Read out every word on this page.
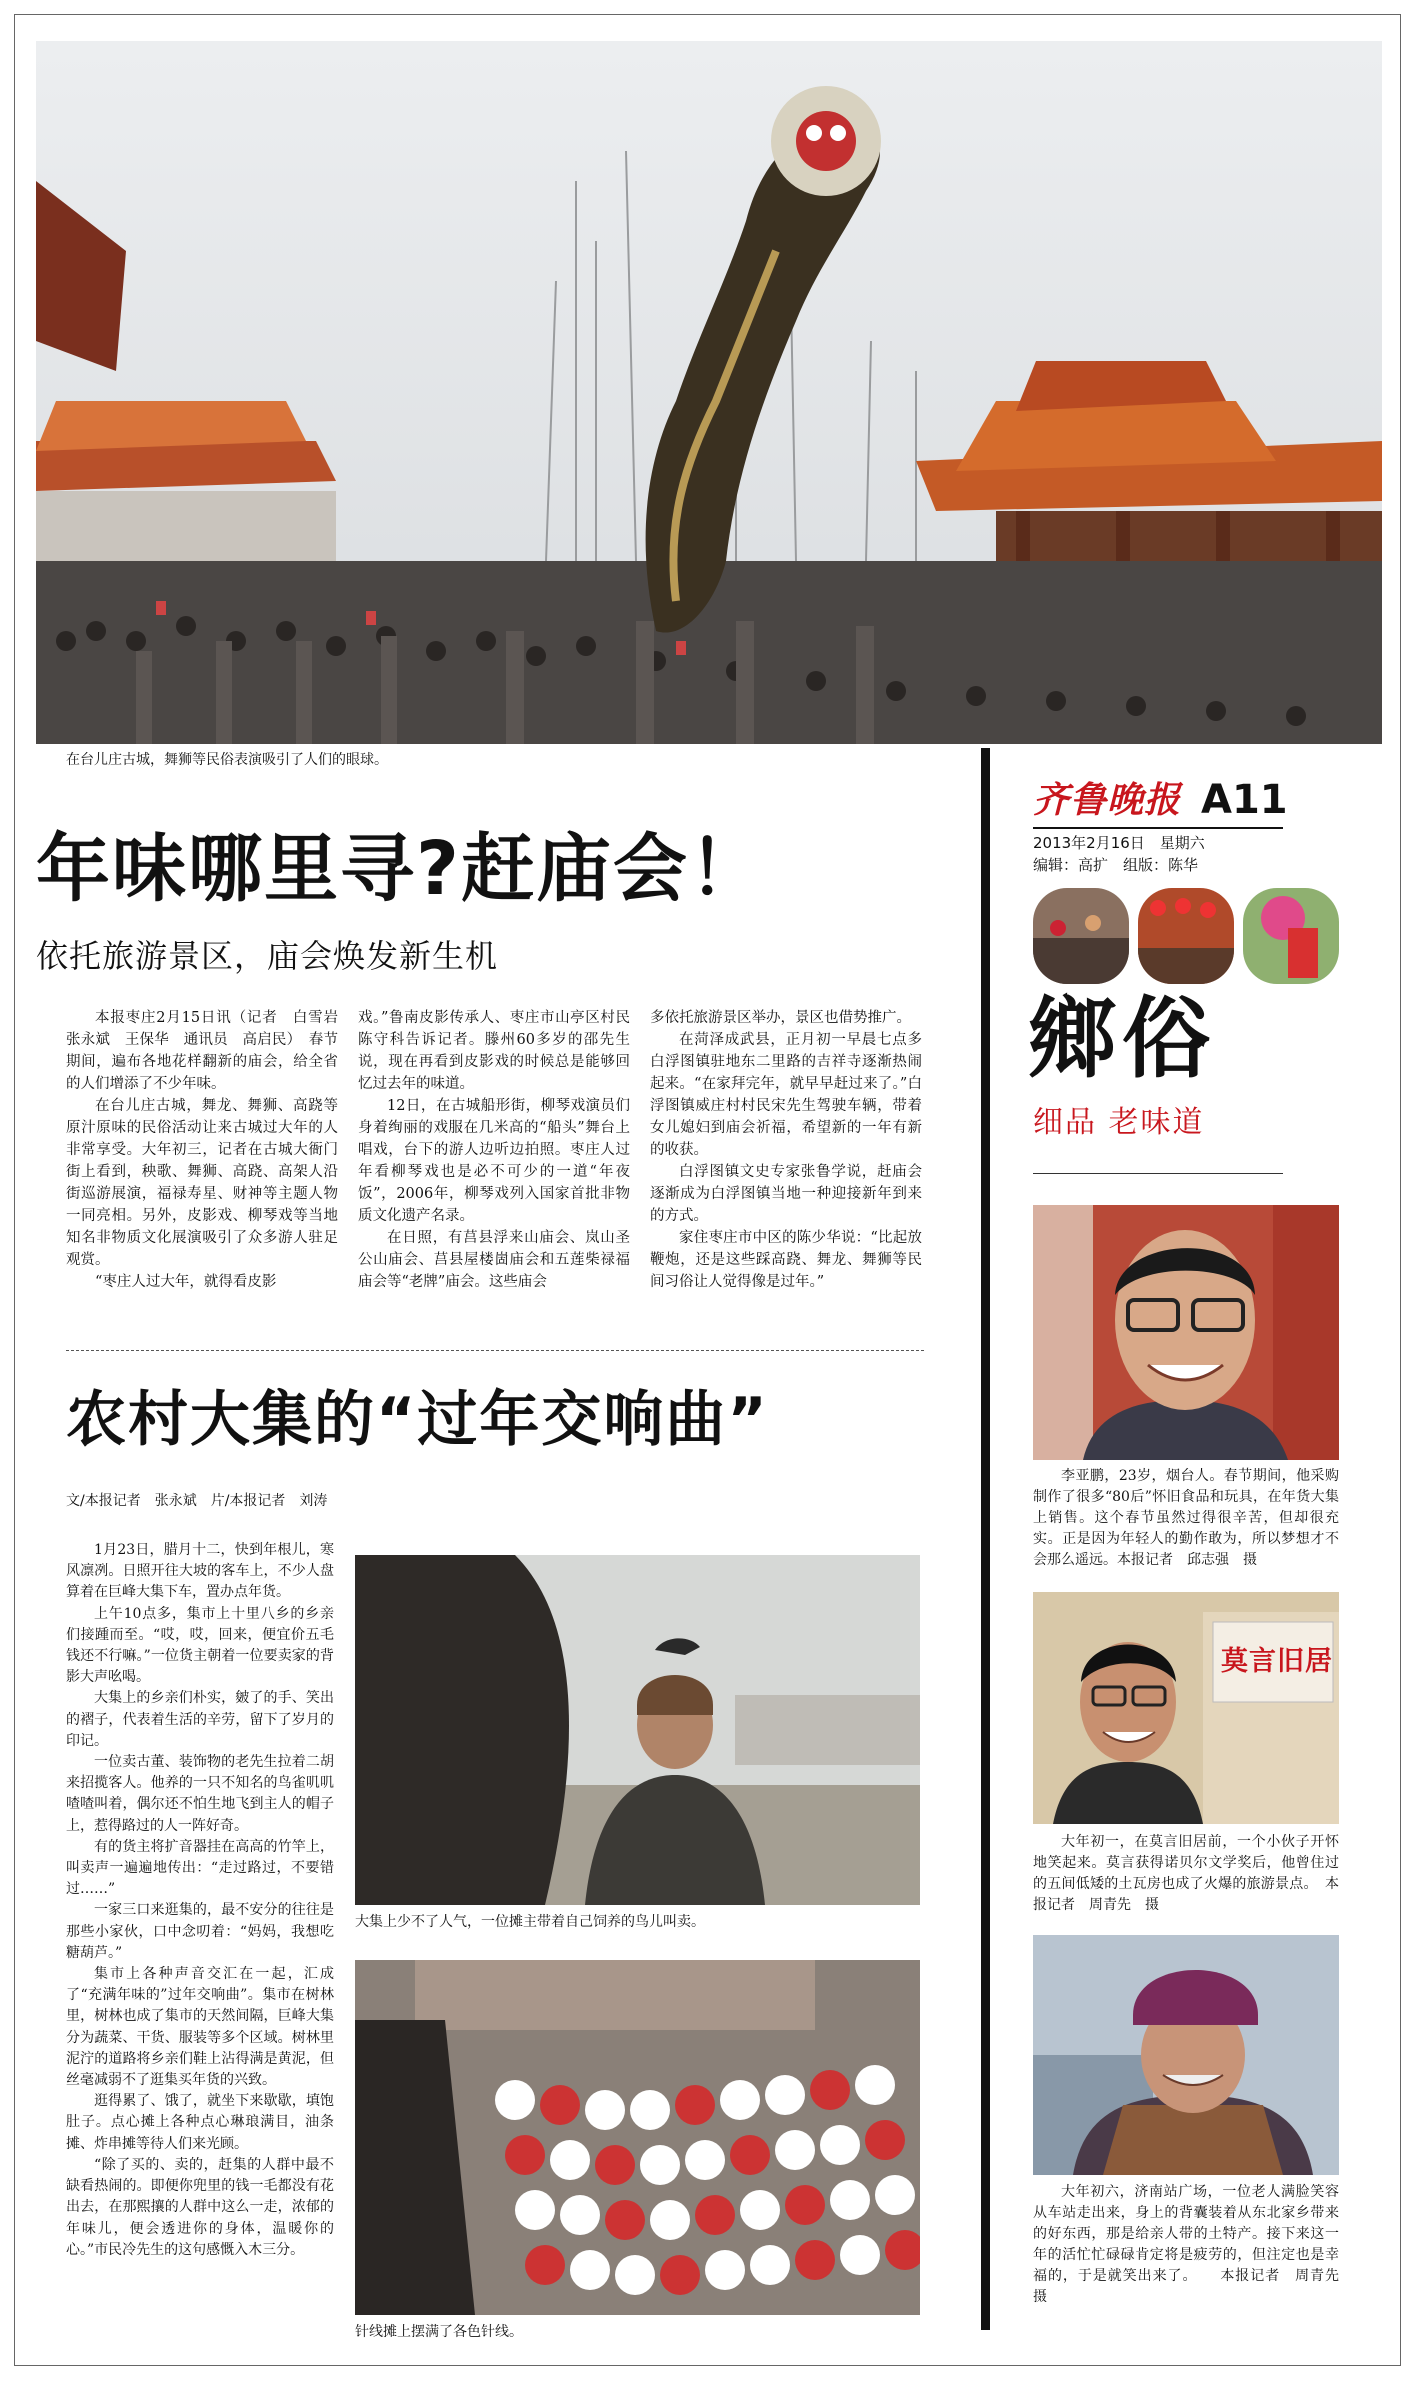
在台儿庄古城，舞狮等民俗表演吸引了人们的眼球。
年味哪里寻?赶庙会！
依托旅游景区，庙会焕发新生机

本报枣庄2月15日讯（记者　白雪岩　张永斌　王保华　通讯员　高启民）　春节期间，遍布各地花样翻新的庙会，给全省的人们增添了不少年味。

在台儿庄古城，舞龙、舞狮、高跷等原汁原味的民俗活动让来古城过大年的人非常享受。大年初三，记者在古城大衙门街上看到，秧歌、舞狮、高跷、高架人沿街巡游展演，福禄寿星、财神等主题人物一同亮相。另外，皮影戏、柳琴戏等当地知名非物质文化展演吸引了众多游人驻足观赏。

“枣庄人过大年，就得看皮影

戏。”鲁南皮影传承人、枣庄市山亭区村民陈守科告诉记者。滕州60多岁的邵先生说，现在再看到皮影戏的时候总是能够回忆过去年的味道。

12日，在古城船形街，柳琴戏演员们身着绚丽的戏服在几米高的“船头”舞台上唱戏，台下的游人边听边拍照。枣庄人过年看柳琴戏也是必不可少的一道“年夜饭”，2006年，柳琴戏列入国家首批非物质文化遗产名录。

在日照，有莒县浮来山庙会、岚山圣公山庙会、莒县屋楼崮庙会和五莲柴禄福庙会等“老牌”庙会。这些庙会

多依托旅游景区举办，景区也借势推广。

在菏泽成武县，正月初一早晨七点多白浮图镇驻地东二里路的吉祥寺逐渐热闹起来。“在家拜完年，就早早赶过来了。”白浮图镇威庄村村民宋先生驾驶车辆，带着女儿媳妇到庙会祈福，希望新的一年有新的收获。

白浮图镇文史专家张鲁学说，赶庙会逐渐成为白浮图镇当地一种迎接新年到来的方式。

家住枣庄市中区的陈少华说：“比起放鞭炮，还是这些踩高跷、舞龙、舞狮等民间习俗让人觉得像是过年。”

农村大集的“过年交响曲”
文/本报记者　张永斌　片/本报记者　刘涛

1月23日，腊月十二，快到年根儿，寒风凛冽。日照开往大坡的客车上，不少人盘算着在巨峰大集下车，置办点年货。

上午10点多，集市上十里八乡的乡亲们接踵而至。“哎，哎，回来，便宜价五毛钱还不行嘛。”一位货主朝着一位要卖家的背影大声吆喝。

大集上的乡亲们朴实，皴了的手、笑出的褶子，代表着生活的辛劳，留下了岁月的印记。

一位卖古董、装饰物的老先生拉着二胡来招揽客人。他养的一只不知名的鸟雀叽叽喳喳叫着，偶尔还不怕生地飞到主人的帽子上，惹得路过的人一阵好奇。

有的货主将扩音器挂在高高的竹竿上，叫卖声一遍遍地传出：“走过路过，不要错过……”

一家三口来逛集的，最不安分的往往是那些小家伙，口中念叨着：“妈妈，我想吃糖葫芦。”

集市上各种声音交汇在一起，汇成了“充满年味的”过年交响曲”。集市在树林里，树林也成了集市的天然间隔，巨峰大集分为蔬菜、干货、服装等多个区域。树林里泥泞的道路将乡亲们鞋上沾得满是黄泥，但丝毫减弱不了逛集买年货的兴致。

逛得累了、饿了，就坐下来歇歇，填饱肚子。点心摊上各种点心琳琅满目，油条摊、炸串摊等待人们来光顾。

“除了买的、卖的，赶集的人群中最不缺看热闹的。即便你兜里的钱一毛都没有花出去，在那熙攘的人群中这么一走，浓郁的年味儿，便会透进你的身体，温暖你的心。”市民冷先生的这句感慨入木三分。

大集上少不了人气，一位摊主带着自己饲养的鸟儿叫卖。
针线摊上摆满了各色针线。
齐鲁晚报 A11
2013年2月16日　星期六
编辑：高扩　组版：陈华
鄉俗
细品 老味道

李亚鹏，23岁，烟台人。春节期间，他采购制作了很多“80后”怀旧食品和玩具，在年货大集上销售。这个春节虽然过得很辛苦，但却很充实。正是因为年轻人的勤作敢为，所以梦想才不会那么遥远。本报记者　邱志强　摄

莫言旧居

大年初一，在莫言旧居前，一个小伙子开怀地笑起来。莫言获得诺贝尔文学奖后，他曾住过的五间低矮的土瓦房也成了火爆的旅游景点。　本报记者　周青先　摄

大年初六，济南站广场，一位老人满脸笑容从车站走出来，身上的背囊装着从东北家乡带来的好东西，那是给亲人带的土特产。接下来这一年的活忙忙碌碌肯定将是疲劳的，但注定也是幸福的，于是就笑出来了。　　本报记者　周青先　摄
